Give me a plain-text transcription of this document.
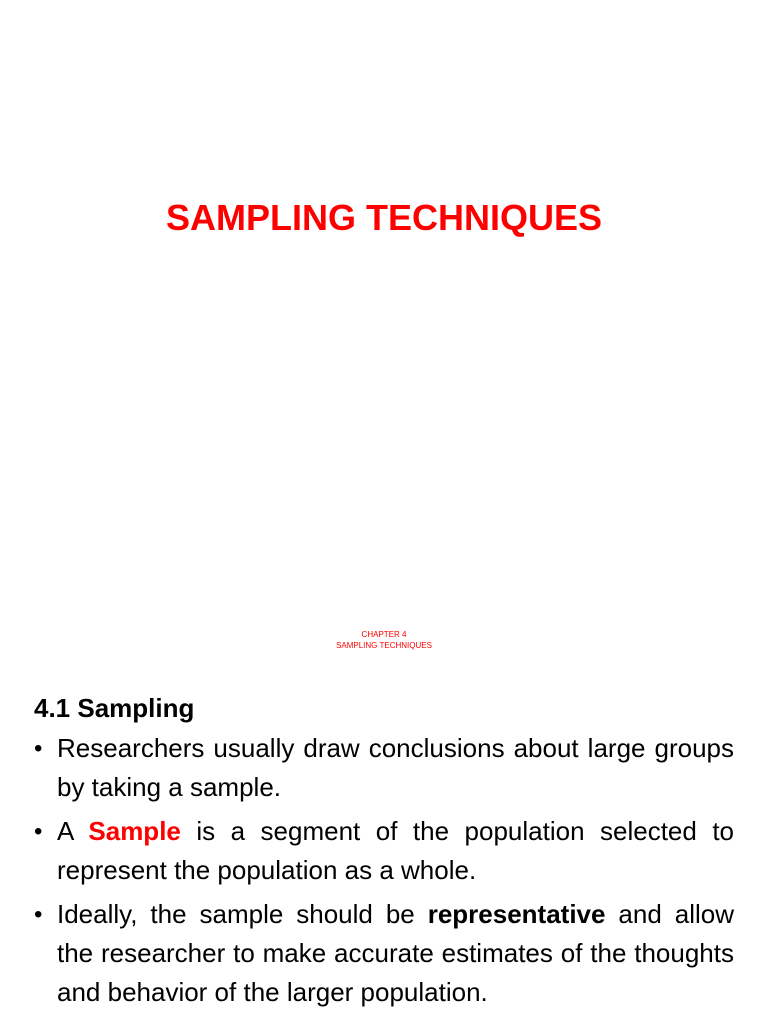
SAMPLING TECHNIQUES
CHAPTER 4
SAMPLING TECHNIQUES
4.1 Sampling
• Researchers usually draw conclusions about large groups by taking a sample.
• A Sample is a segment of the population selected to represent the population as a whole.
• Ideally, the sample should be representative and allow the researcher to make accurate estimates of the thoughts and behavior of the larger population.
